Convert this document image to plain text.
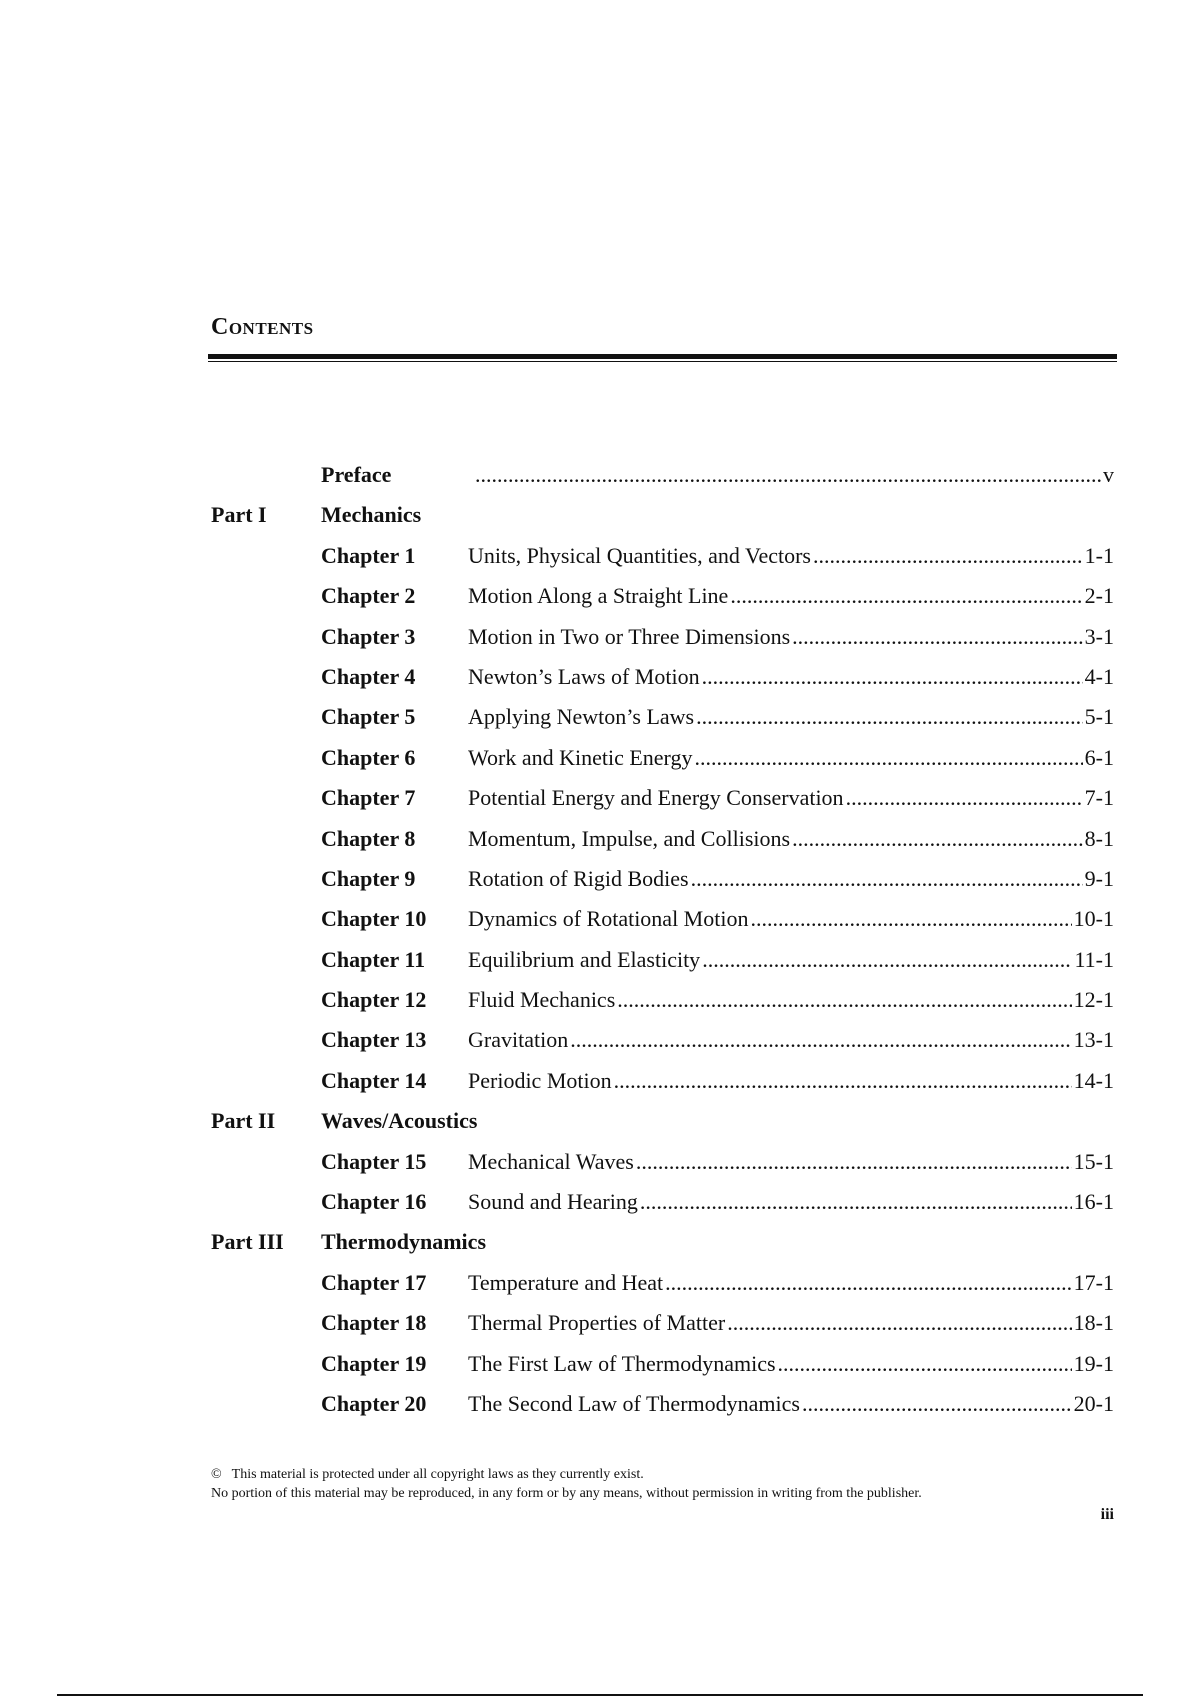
Contents
Preface .....	v
Part I	Mechanics
Chapter 1	Units, Physical Quantities, and Vectors .....	1-1
Chapter 2	Motion Along a Straight Line .....	2-1
Chapter 3	Motion in Two or Three Dimensions .....	3-1
Chapter 4	Newton’s Laws of Motion .....	4-1
Chapter 5	Applying Newton’s Laws .....	5-1
Chapter 6	Work and Kinetic Energy .....	6-1
Chapter 7	Potential Energy and Energy Conservation .....	7-1
Chapter 8	Momentum, Impulse, and Collisions .....	8-1
Chapter 9	Rotation of Rigid Bodies .....	9-1
Chapter 10	Dynamics of Rotational Motion .....	10-1
Chapter 11	Equilibrium and Elasticity .....	11-1
Chapter 12	Fluid Mechanics .....	12-1
Chapter 13	Gravitation .....	13-1
Chapter 14	Periodic Motion .....	14-1
Part II	Waves/Acoustics
Chapter 15	Mechanical Waves .....	15-1
Chapter 16	Sound and Hearing .....	16-1
Part III	Thermodynamics
Chapter 17	Temperature and Heat .....	17-1
Chapter 18	Thermal Properties of Matter .....	18-1
Chapter 19	The First Law of Thermodynamics .....	19-1
Chapter 20	The Second Law of Thermodynamics .....	20-1
© This material is protected under all copyright laws as they currently exist.
No portion of this material may be reproduced, in any form or by any means, without permission in writing from the publisher.
iii
